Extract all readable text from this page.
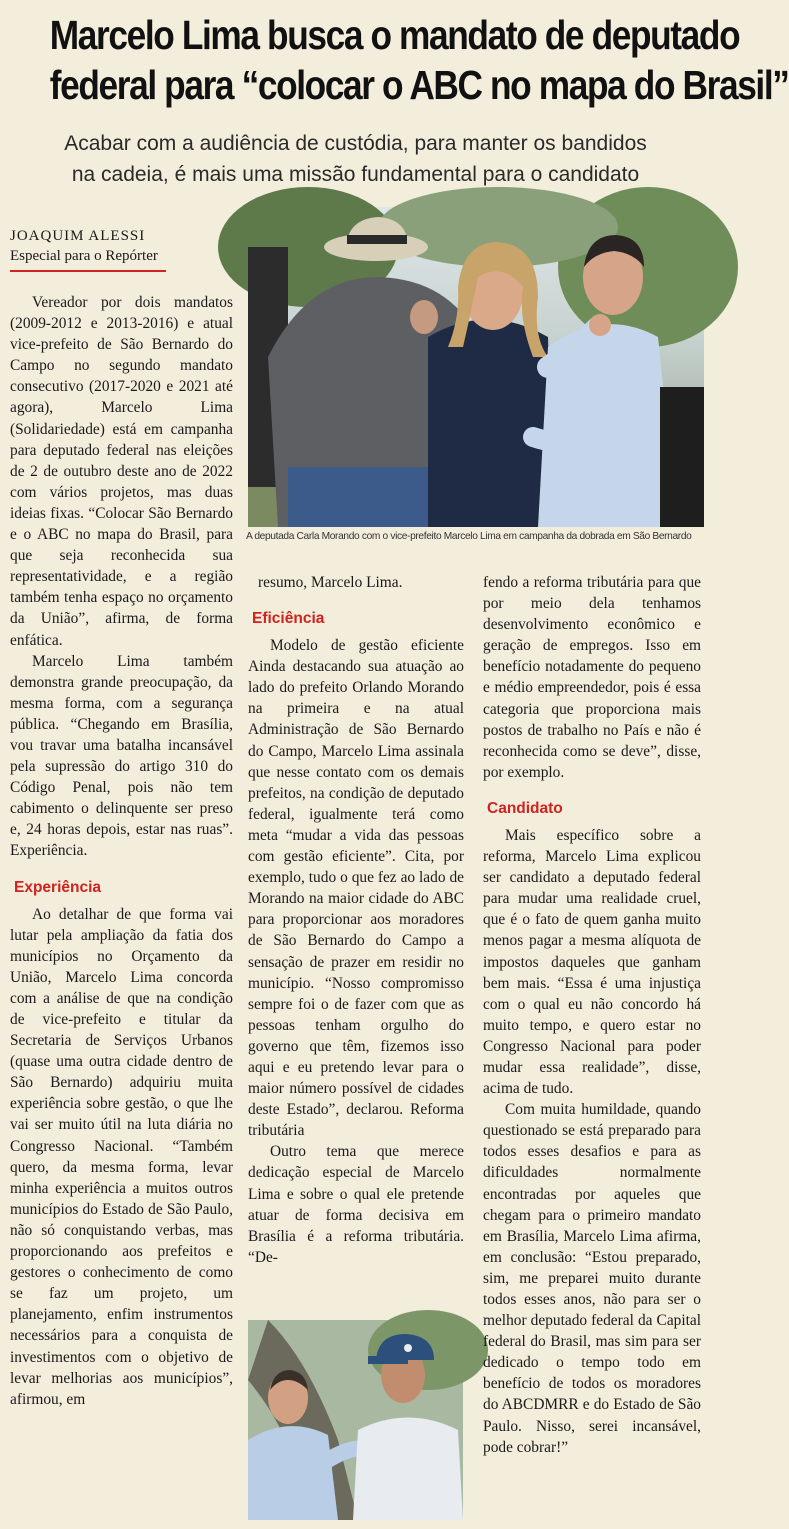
Marcelo Lima busca o mandato de deputado
federal para “colocar o ABC no mapa do Brasil”
Acabar com a audiência de custódia, para manter os bandidos
na cadeia, é mais uma missão fundamental para o candidato
JOAQUIM ALESSI
Especial para o Repórter

Vereador por dois mandatos (2009-2012 e 2013-2016) e atual vice-prefeito de São Bernardo do Campo no segundo mandato consecutivo (2017-2020 e 2021 até agora), Marcelo Lima (Solidariedade) está em campanha para deputado federal nas eleições de 2 de outubro deste ano de 2022 com vários projetos, mas duas ideias fixas. “Colocar São Bernardo e o ABC no mapa do Brasil, para que seja reconhecida sua representatividade, e a região também tenha espaço no orçamento da União”, afirma, de forma enfática.

Marcelo Lima também demonstra grande preocupação, da mesma forma, com a segurança pública. “Chegando em Brasília, vou travar uma batalha incansável pela supressão do artigo 310 do Código Penal, pois não tem cabimento o delinquente ser preso e, 24 horas depois, estar nas ruas”. Experiência.

Experiência

Ao detalhar de que forma vai lutar pela ampliação da fatia dos municípios no Orçamento da União, Marcelo Lima concorda com a análise de que na condição de vice-prefeito e titular da Secretaria de Serviços Urbanos (quase uma outra cidade dentro de São Bernardo) adquiriu muita experiência sobre gestão, o que lhe vai ser muito útil na luta diária no Congresso Nacional. “Também quero, da mesma forma, levar minha experiência a muitos outros municípios do Estado de São Paulo, não só conquistando verbas, mas proporcionando aos prefeitos e gestores o conhecimento de como se faz um projeto, um planejamento, enfim instrumentos necessários para a conquista de investimentos com o objetivo de levar melhorias aos municípios”, afirmou, em

A deputada Carla Morando com o vice-prefeito Marcelo Lima em campanha da dobrada em São Bernardo

resumo, Marcelo Lima.

Eficiência

Modelo de gestão eficiente Ainda destacando sua atuação ao lado do prefeito Orlando Morando na primeira e na atual Administração de São Bernardo do Campo, Marcelo Lima assinala que nesse contato com os demais prefeitos, na condição de deputado federal, igualmente terá como meta “mudar a vida das pessoas com gestão eficiente”. Cita, por exemplo, tudo o que fez ao lado de Morando na maior cidade do ABC para proporcionar aos moradores de São Bernardo do Campo a sensação de prazer em residir no município. “Nosso compromisso sempre foi o de fazer com que as pessoas tenham orgulho do governo que têm, fizemos isso aqui e eu pretendo levar para o maior número possível de cidades deste Estado”, declarou. Reforma tributária

Outro tema que merece dedicação especial de Marcelo Lima e sobre o qual ele pretende atuar de forma decisiva em Brasília é a reforma tributária. “De-

fendo a reforma tributária para que por meio dela tenhamos desenvolvimento econômico e geração de empregos. Isso em benefício notadamente do pequeno e médio empreendedor, pois é essa categoria que proporciona mais postos de trabalho no País e não é reconhecida como se deve”, disse, por exemplo.

Candidato

Mais específico sobre a reforma, Marcelo Lima explicou ser candidato a deputado federal para mudar uma realidade cruel, que é o fato de quem ganha muito menos pagar a mesma alíquota de impostos daqueles que ganham bem mais. “Essa é uma injustiça com o qual eu não concordo há muito tempo, e quero estar no Congresso Nacional para poder mudar essa realidade”, disse, acima de tudo.

Com muita humildade, quando questionado se está preparado para todos esses desafios e para as dificuldades normalmente encontradas por aqueles que chegam para o primeiro mandato em Brasília, Marcelo Lima afirma, em conclusão: “Estou preparado, sim, me preparei muito durante todos esses anos, não para ser o melhor deputado federal da Capital federal do Brasil, mas sim para ser dedicado o tempo todo em benefício de todos os moradores do ABCDMRR e do Estado de São Paulo. Nisso, serei incansável, pode cobrar!”
